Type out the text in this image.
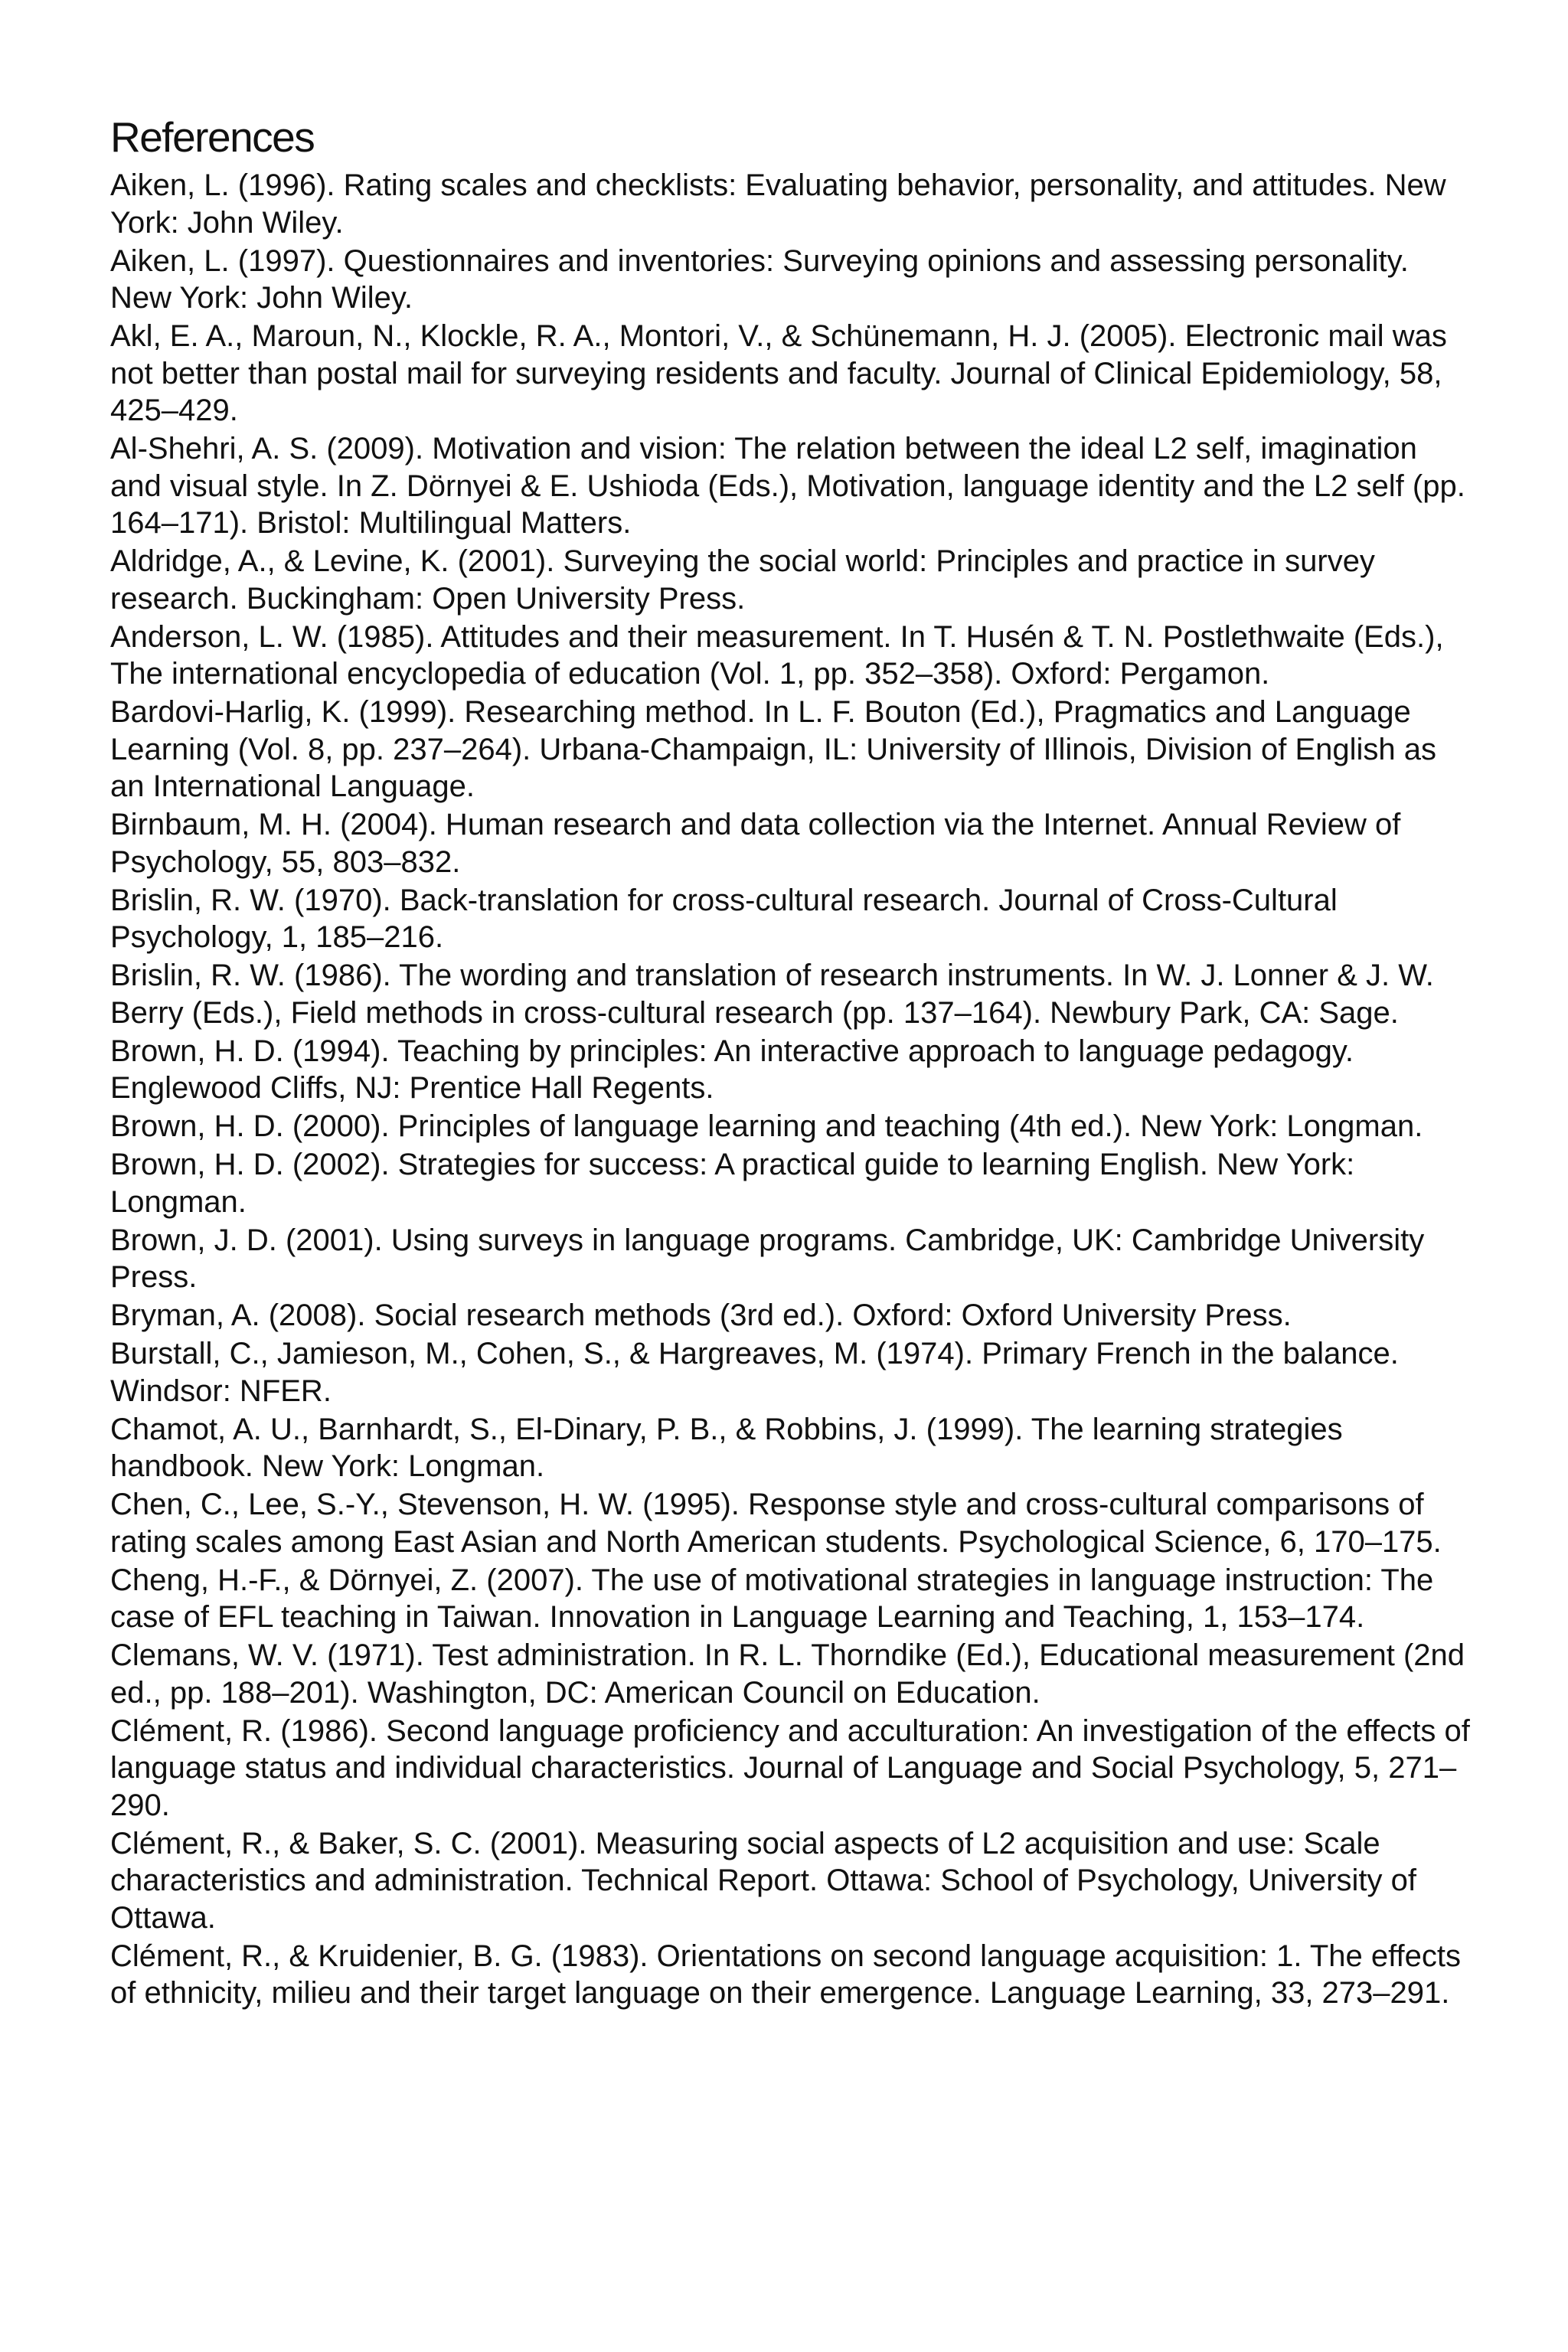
References
Aiken, L. (1996). Rating scales and checklists: Evaluating behavior, personality, and attitudes. New York: John Wiley.
Aiken, L. (1997). Questionnaires and inventories: Surveying opinions and assessing personality. New York: John Wiley.
Akl, E. A., Maroun, N., Klockle, R. A., Montori, V., & Schünemann, H. J. (2005). Electronic mail was not better than postal mail for surveying residents and faculty. Journal of Clinical Epidemiology, 58, 425–429.
Al-Shehri, A. S. (2009). Motivation and vision: The relation between the ideal L2 self, imagination and visual style. In Z. Dörnyei & E. Ushioda (Eds.), Motivation, language identity and the L2 self (pp. 164–171). Bristol: Multilingual Matters.
Aldridge, A., & Levine, K. (2001). Surveying the social world: Principles and practice in survey research. Buckingham: Open University Press.
Anderson, L. W. (1985). Attitudes and their measurement. In T. Husén & T. N. Postlethwaite (Eds.), The international encyclopedia of education (Vol. 1, pp. 352–358). Oxford: Pergamon.
Bardovi-Harlig, K. (1999). Researching method. In L. F. Bouton (Ed.), Pragmatics and Language Learning (Vol. 8, pp. 237–264). Urbana-Champaign, IL: University of Illinois, Division of English as an International Language.
Birnbaum, M. H. (2004). Human research and data collection via the Internet. Annual Review of Psychology, 55, 803–832.
Brislin, R. W. (1970). Back-translation for cross-cultural research. Journal of Cross-Cultural Psychology, 1, 185–216.
Brislin, R. W. (1986). The wording and translation of research instruments. In W. J. Lonner & J. W. Berry (Eds.), Field methods in cross-cultural research (pp. 137–164). Newbury Park, CA: Sage.
Brown, H. D. (1994). Teaching by principles: An interactive approach to language pedagogy. Englewood Cliffs, NJ: Prentice Hall Regents.
Brown, H. D. (2000). Principles of language learning and teaching (4th ed.). New York: Longman.
Brown, H. D. (2002). Strategies for success: A practical guide to learning English. New York: Longman.
Brown, J. D. (2001). Using surveys in language programs. Cambridge, UK: Cambridge University Press.
Bryman, A. (2008). Social research methods (3rd ed.). Oxford: Oxford University Press.
Burstall, C., Jamieson, M., Cohen, S., & Hargreaves, M. (1974). Primary French in the balance. Windsor: NFER.
Chamot, A. U., Barnhardt, S., El-Dinary, P. B., & Robbins, J. (1999). The learning strategies handbook. New York: Longman.
Chen, C., Lee, S.-Y., Stevenson, H. W. (1995). Response style and cross-cultural comparisons of rating scales among East Asian and North American students. Psychological Science, 6, 170–175.
Cheng, H.-F., & Dörnyei, Z. (2007). The use of motivational strategies in language instruction: The case of EFL teaching in Taiwan. Innovation in Language Learning and Teaching, 1, 153–174.
Clemans, W. V. (1971). Test administration. In R. L. Thorndike (Ed.), Educational measurement (2nd ed., pp. 188–201). Washington, DC: American Council on Education.
Clément, R. (1986). Second language proficiency and acculturation: An investigation of the effects of language status and individual characteristics. Journal of Language and Social Psychology, 5, 271–290.
Clément, R., & Baker, S. C. (2001). Measuring social aspects of L2 acquisition and use: Scale characteristics and administration. Technical Report. Ottawa: School of Psychology, University of Ottawa.
Clément, R., & Kruidenier, B. G. (1983). Orientations on second language acquisition: 1. The effects of ethnicity, milieu and their target language on their emergence. Language Learning, 33, 273–291.
